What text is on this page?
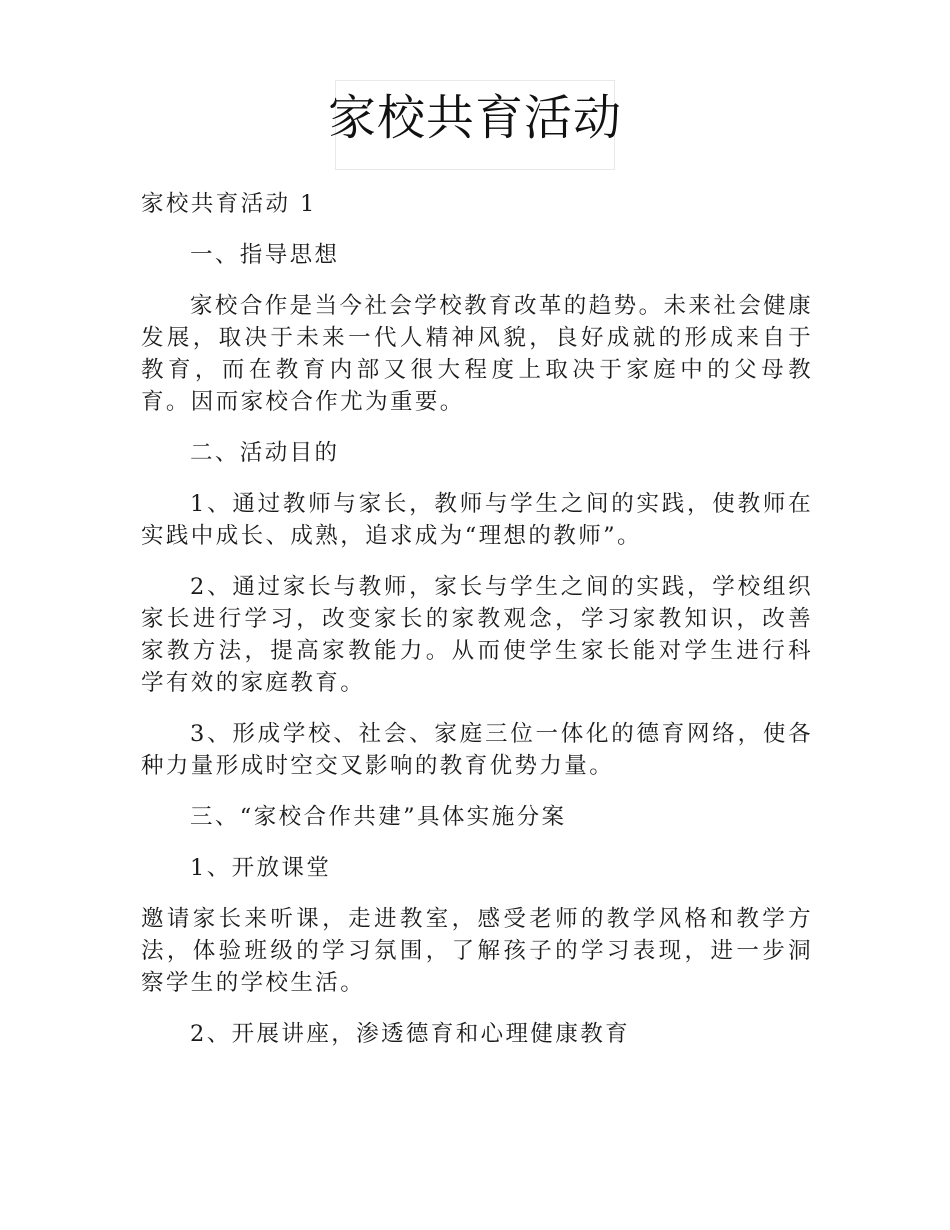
家校共育活动

家校共育活动 1

一、指导思想

家校合作是当今社会学校教育改革的趋势。未来社会健康发展，取决于未来一代人精神风貌，良好成就的形成来自于教育，而在教育内部又很大程度上取决于家庭中的父母教育。因而家校合作尤为重要。

二、活动目的

1、通过教师与家长，教师与学生之间的实践，使教师在实践中成长、成熟，追求成为“理想的教师”。

2、通过家长与教师，家长与学生之间的实践，学校组织家长进行学习，改变家长的家教观念，学习家教知识，改善家教方法，提高家教能力。从而使学生家长能对学生进行科学有效的家庭教育。

3、形成学校、社会、家庭三位一体化的德育网络，使各种力量形成时空交叉影响的教育优势力量。

三、“家校合作共建”具体实施分案

1、开放课堂

邀请家长来听课，走进教室，感受老师的教学风格和教学方法，体验班级的学习氛围，了解孩子的学习表现，进一步洞察学生的学校生活。

2、开展讲座，渗透德育和心理健康教育
